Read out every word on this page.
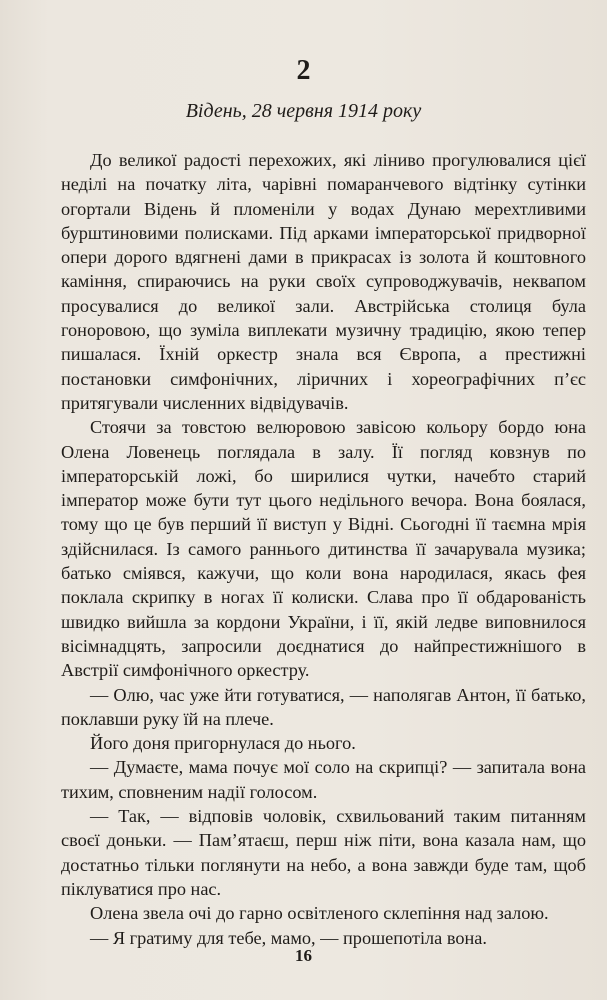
2
Відень, 28 червня 1914 року

До великої радості перехожих, які ліниво прогулювалися цієї неділі на початку літа, чарівні помаранчевого відтінку сутінки огортали Відень й пломеніли у водах Дунаю мерехтливими бурштиновими полисками. Під арками імператорської придворної опери дорого вдягнені дами в прикрасах із золота й коштовного каміння, спираючись на руки своїх супроводжувачів, неквапом просувалися до великої зали. Австрійська столиця була гоноровою, що зуміла виплекати музичну традицію, якою тепер пишалася. Їхній оркестр знала вся Європа, а престижні постановки симфонічних, ліричних і хореографічних п’єс притягували численних відвідувачів.

Стоячи за товстою велюровою завісою кольору бордо юна Олена Ловенець поглядала в залу. Її погляд ковзнув по імператорській ложі, бо ширилися чутки, начебто старий імператор може бути тут цього недільного вечора. Вона боялася, тому що це був перший її виступ у Відні. Сьогодні її таємна мрія здійснилася. Із самого раннього дитинства її зачарувала музика; батько сміявся, кажучи, що коли вона народилася, якась фея поклала скрипку в ногах її колиски. Слава про її обдарованість швидко вийшла за кордони України, і її, якій ледве виповнилося вісімнадцять, запросили доєднатися до найпрестижнішого в Австрії симфонічного оркестру.

— Олю, час уже йти готуватися, — наполягав Антон, її батько, поклавши руку їй на плече.

Його доня пригорнулася до нього.

— Думаєте, мама почує мої соло на скрипці? — запитала вона тихим, сповненим надії голосом.

— Так, — відповів чоловік, схвильований таким питанням своєї доньки. — Пам’ятаєш, перш ніж піти, вона казала нам, що достатньо тільки поглянути на небо, а вона завжди буде там, щоб піклуватися про нас.

Олена звела очі до гарно освітленого склепіння над залою.

— Я гратиму для тебе, мамо, — прошепотіла вона.

16
